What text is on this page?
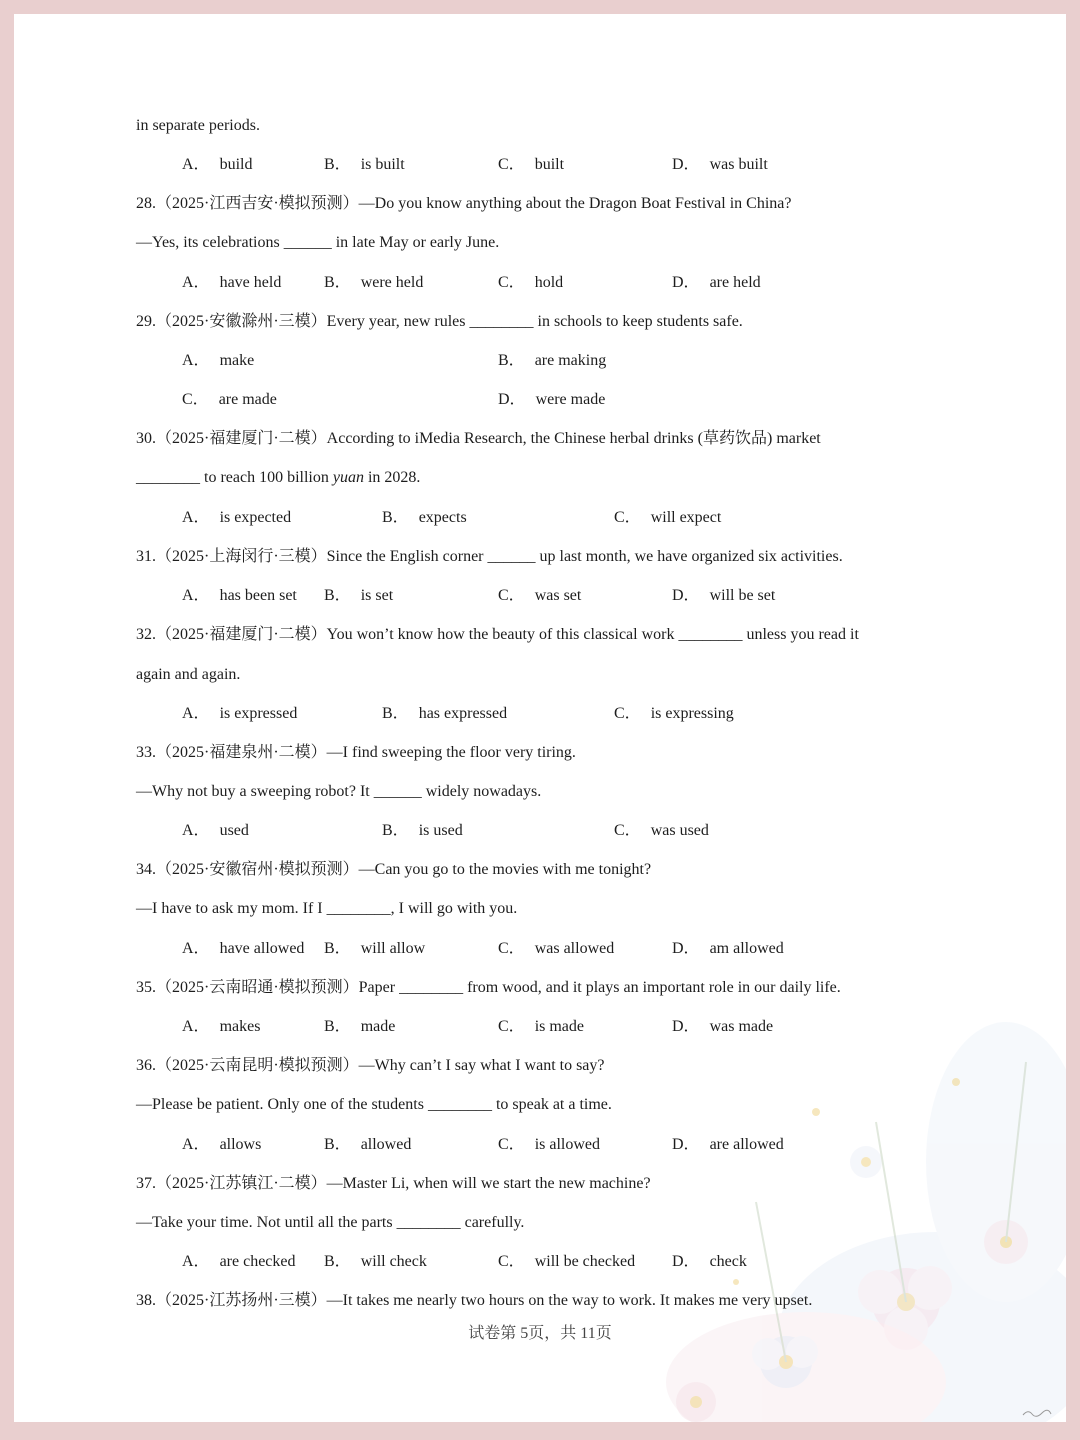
in separate periods.
28.（2025·江西吉安·模拟预测）—Do you know anything about the Dragon Boat Festival in China?
—Yes, its celebrations ______ in late May or early June.
29.（2025·安徽滁州·三模）Every year, new rules ________ in schools to keep students safe.
30.（2025·福建厦门·二模）According to iMedia Research, the Chinese herbal drinks (草药饮品) market
________ to reach 100 billion yuan in 2028.
31.（2025·上海闵行·三模）Since the English corner ______ up last month, we have organized six activities.
32.（2025·福建厦门·二模）You won’t know how the beauty of this classical work ________ unless you read it
again and again.
33.（2025·福建泉州·二模）—I find sweeping the floor very tiring.
—Why not buy a sweeping robot? It ______ widely nowadays.
34.（2025·安徽宿州·模拟预测）—Can you go to the movies with me tonight?
—I have to ask my mom. If I ________, I will go with you.
35.（2025·云南昭通·模拟预测）Paper ________ from wood, and it plays an important role in our daily life.
36.（2025·云南昆明·模拟预测）—Why can’t I say what I want to say?
—Please be patient. Only one of the students ________ to speak at a time.
37.（2025·江苏镇江·二模）—Master Li, when will we start the new machine?
—Take your time. Not until all the parts ________ carefully.
38.（2025·江苏扬州·三模）—It takes me nearly two hours on the way to work. It makes me very upset.
A． build	B． is built	C． built	D． was built
A． have held	B． were held	C． hold	D． are held
A． make	B． are making
C． are made	D． were made
A． is expected	B． expects	C． will expect
A． has been set B． is set	C． was set	D． will be set
A． is expressed	B． has expressed	C． is expressing
A． used	B． is used	C． was used
A． have allowed B． will allow	C． was allowed	D． am allowed
A． makes	B． made	C． is made	D． was made
A． allows	B． allowed	C． is allowed	D． are allowed
A． are checked B． will check	C． will be checked D． check
试卷第 5页，共 11页
